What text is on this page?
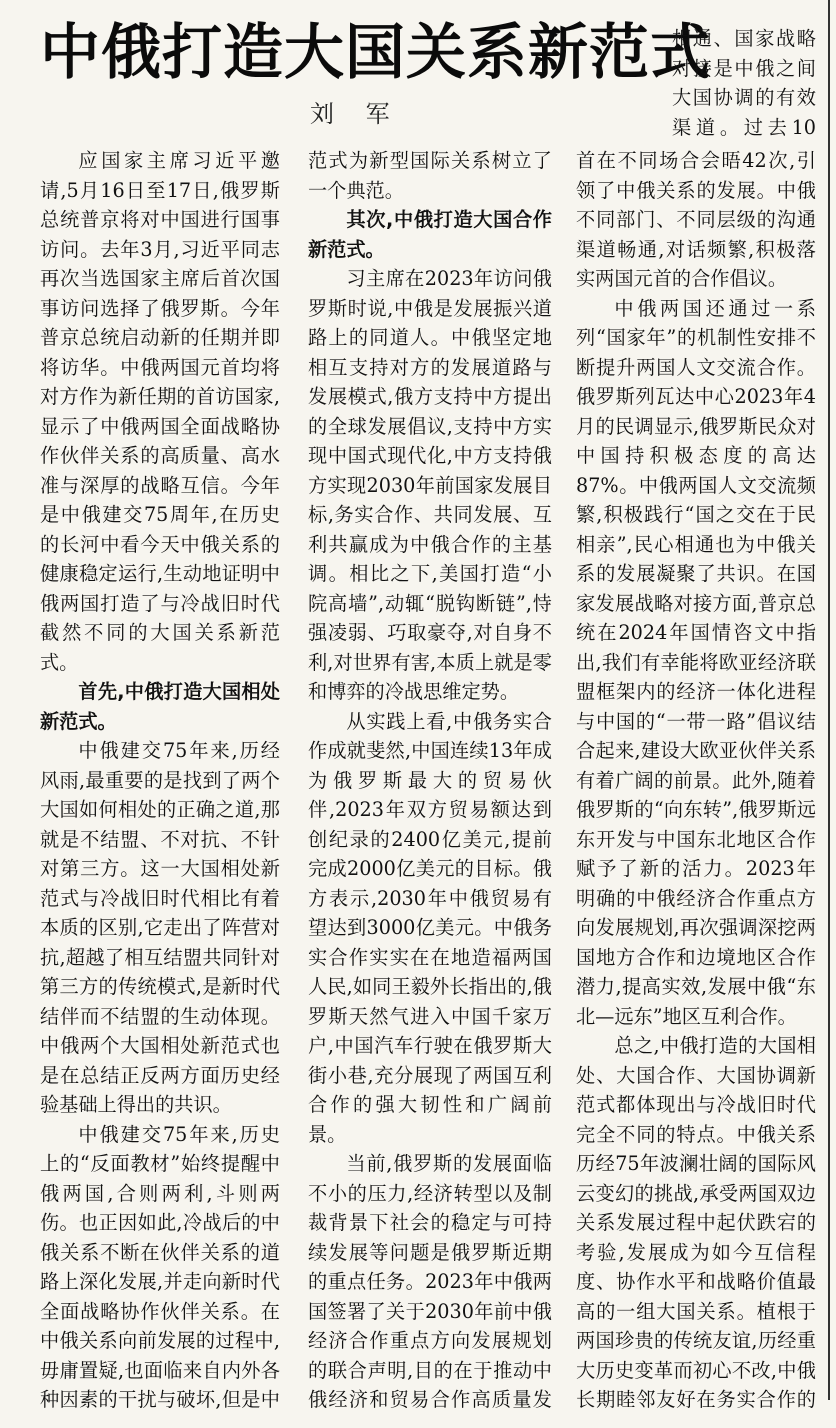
中俄打造大国关系新范式
刘 军

相通、国家战略对接是中俄之间大国协调的有效渠道。过去10

应国家主席习近平邀请,5月16日至17日,俄罗斯总统普京将对中国进行国事访问。去年3月,习近平同志再次当选国家主席后首次国事访问选择了俄罗斯。今年普京总统启动新的任期并即将访华。中俄两国元首均将对方作为新任期的首访国家,显示了中俄两国全面战略协作伙伴关系的高质量、高水准与深厚的战略互信。今年是中俄建交75周年,在历史的长河中看今天中俄关系的健康稳定运行,生动地证明中俄两国打造了与冷战旧时代截然不同的大国关系新范式。

首先,中俄打造大国相处新范式。

中俄建交75年来,历经风雨,最重要的是找到了两个大国如何相处的正确之道,那就是不结盟、不对抗、不针对第三方。这一大国相处新范式与冷战旧时代相比有着本质的区别,它走出了阵营对抗,超越了相互结盟共同针对第三方的传统模式,是新时代结伴而不结盟的生动体现。中俄两个大国相处新范式也是在总结正反两方面历史经验基础上得出的共识。

中俄建交75年来,历史上的“反面教材”始终提醒中俄两国,合则两利,斗则两伤。也正因如此,冷战后的中俄关系不断在伙伴关系的道路上深化发展,并走向新时代全面战略协作伙伴关系。在中俄关系向前发展的过程中,毋庸置疑,也面临来自内外各种因素的干扰与破坏,但是中

范式为新型国际关系树立了一个典范。

其次,中俄打造大国合作新范式。

习主席在2023年访问俄罗斯时说,中俄是发展振兴道路上的同道人。中俄坚定地相互支持对方的发展道路与发展模式,俄方支持中方提出的全球发展倡议,支持中方实现中国式现代化,中方支持俄方实现2030年前国家发展目标,务实合作、共同发展、互利共赢成为中俄合作的主基调。相比之下,美国打造“小院高墙”,动辄“脱钩断链”,恃强凌弱、巧取豪夺,对自身不利,对世界有害,本质上就是零和博弈的冷战思维定势。

从实践上看,中俄务实合作成就斐然,中国连续13年成为俄罗斯最大的贸易伙伴,2023年双方贸易额达到创纪录的2400亿美元,提前完成2000亿美元的目标。俄方表示,2030年中俄贸易有望达到3000亿美元。中俄务实合作实实在在地造福两国人民,如同王毅外长指出的,俄罗斯天然气进入中国千家万户,中国汽车行驶在俄罗斯大街小巷,充分展现了两国互利合作的强大韧性和广阔前景。

当前,俄罗斯的发展面临不小的压力,经济转型以及制裁背景下社会的稳定与可持续发展等问题是俄罗斯近期的重点任务。2023年中俄两国签署了关于2030年前中俄经济合作重点方向发展规划的联合声明,目的在于推动中俄经济和贸易合作高质量发

首在不同场合会晤42次,引领了中俄关系的发展。中俄不同部门、不同层级的沟通渠道畅通,对话频繁,积极落实两国元首的合作倡议。

中俄两国还通过一系列“国家年”的机制性安排不断提升两国人文交流合作。俄罗斯列瓦达中心2023年4月的民调显示,俄罗斯民众对中国持积极态度的高达87%。中俄两国人文交流频繁,积极践行“国之交在于民相亲”,民心相通也为中俄关系的发展凝聚了共识。在国家发展战略对接方面,普京总统在2024年国情咨文中指出,我们有幸能将欧亚经济联盟框架内的经济一体化进程与中国的“一带一路”倡议结合起来,建设大欧亚伙伴关系有着广阔的前景。此外,随着俄罗斯的“向东转”,俄罗斯远东开发与中国东北地区合作赋予了新的活力。2023年明确的中俄经济合作重点方向发展规划,再次强调深挖两国地方合作和边境地区合作潜力,提高实效,发展中俄“东北—远东”地区互利合作。

总之,中俄打造的大国相处、大国合作、大国协调新范式都体现出与冷战旧时代完全不同的特点。中俄关系历经75年波澜壮阔的国际风云变幻的挑战,承受两国双边关系发展过程中起伏跌宕的考验,发展成为如今互信程度、协作水平和战略价值最高的一组大国关系。植根于两国珍贵的传统友谊,历经重大历史变革而初心不改,中俄长期睦邻友好在务实合作的
